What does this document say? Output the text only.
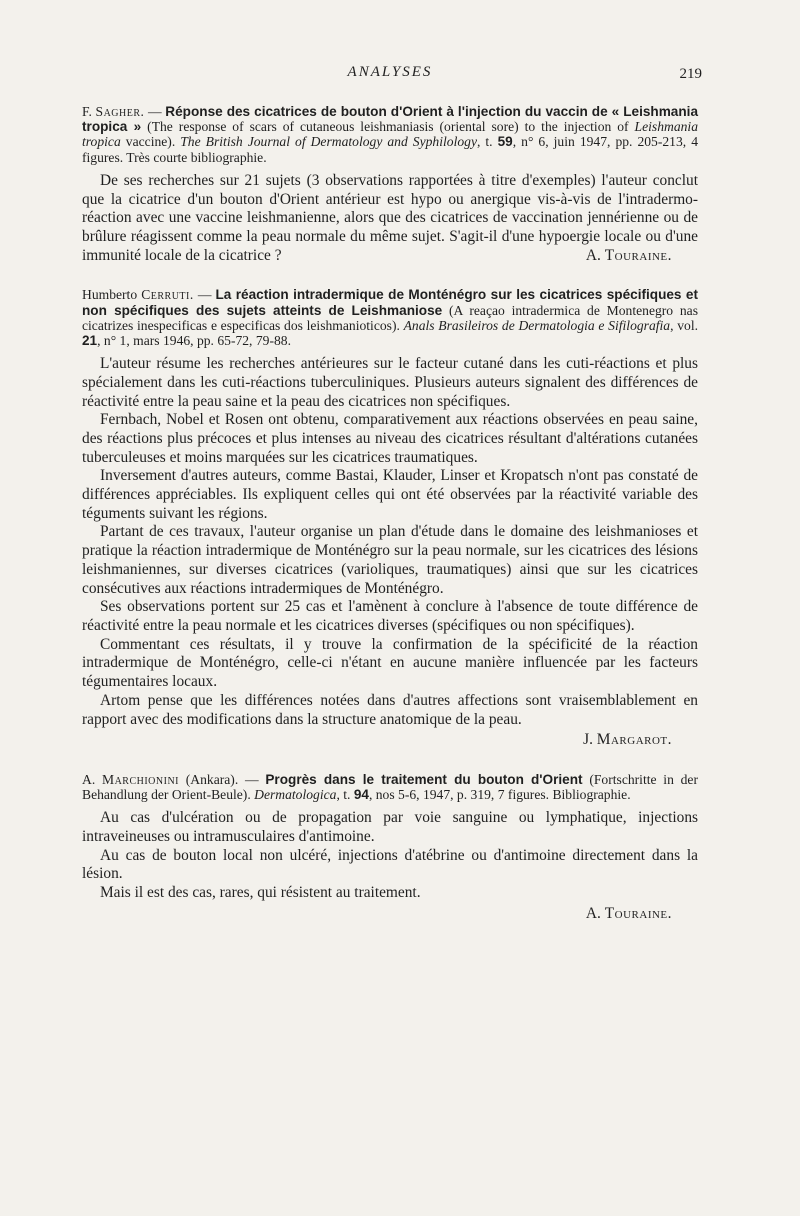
ANALYSES	219

F. Sagher. — Réponse des cicatrices de bouton d'Orient à l'injection du vaccin de « Leishmania tropica » (The response of scars of cutaneous leishmaniasis (oriental sore) to the injection of Leishmania tropica vaccine). The British Journal of Dermatology and Syphilology, t. 59, n° 6, juin 1947, pp. 205-213, 4 figures. Très courte bibliographie.

De ses recherches sur 21 sujets (3 observations rapportées à titre d'exemples) l'auteur conclut que la cicatrice d'un bouton d'Orient antérieur est hypo ou anergique vis-à-vis de l'intradermo-réaction avec une vaccine leishmanienne, alors que des cicatrices de vaccination jennérienne ou de brûlure réagissent comme la peau normale du même sujet. S'agit-il d'une hypoergie locale ou d'une immunité locale de la cicatrice ?	A. Touraine.

Humberto Cerruti. — La réaction intradermique de Monténégro sur les cicatrices spécifiques et non spécifiques des sujets atteints de Leishmaniose (A reaçao intradermica de Montenegro nas cicatrizes inespecificas e especificas dos leishmanioticos). Anals Brasileiros de Dermatologia e Sifilografia, vol. 21, n° 1, mars 1946, pp. 65-72, 79-88.

L'auteur résume les recherches antérieures sur le facteur cutané dans les cuti-réactions et plus spécialement dans les cuti-réactions tuberculiniques. Plusieurs auteurs signalent des différences de réactivité entre la peau saine et la peau des cicatrices non spécifiques.

Fernbach, Nobel et Rosen ont obtenu, comparativement aux réactions observées en peau saine, des réactions plus précoces et plus intenses au niveau des cicatrices résultant d'altérations cutanées tuberculeuses et moins marquées sur les cicatrices traumatiques.

Inversement d'autres auteurs, comme Bastai, Klauder, Linser et Kropatsch n'ont pas constaté de différences appréciables. Ils expliquent celles qui ont été observées par la réactivité variable des téguments suivant les régions.

Partant de ces travaux, l'auteur organise un plan d'étude dans le domaine des leishmanioses et pratique la réaction intradermique de Monténégro sur la peau normale, sur les cicatrices des lésions leishmaniennes, sur diverses cicatrices (varioliques, traumatiques) ainsi que sur les cicatrices consécutives aux réactions intradermiques de Monténégro.

Ses observations portent sur 25 cas et l'amènent à conclure à l'absence de toute différence de réactivité entre la peau normale et les cicatrices diverses (spécifiques ou non spécifiques).

Commentant ces résultats, il y trouve la confirmation de la spécificité de la réaction intradermique de Monténégro, celle-ci n'étant en aucune manière influencée par les facteurs tégumentaires locaux.

Artom pense que les différences notées dans d'autres affections sont vraisemblablement en rapport avec des modifications dans la structure anatomique de la peau.

J. Margarot.

A. Marchionini (Ankara). — Progrès dans le traitement du bouton d'Orient (Fortschritte in der Behandlung der Orient-Beule). Dermatologica, t. 94, nos 5-6, 1947, p. 319, 7 figures. Bibliographie.

Au cas d'ulcération ou de propagation par voie sanguine ou lymphatique, injections intraveineuses ou intramusculaires d'antimoine.

Au cas de bouton local non ulcéré, injections d'atébrine ou d'antimoine directement dans la lésion.

Mais il est des cas, rares, qui résistent au traitement.

A. Touraine.
